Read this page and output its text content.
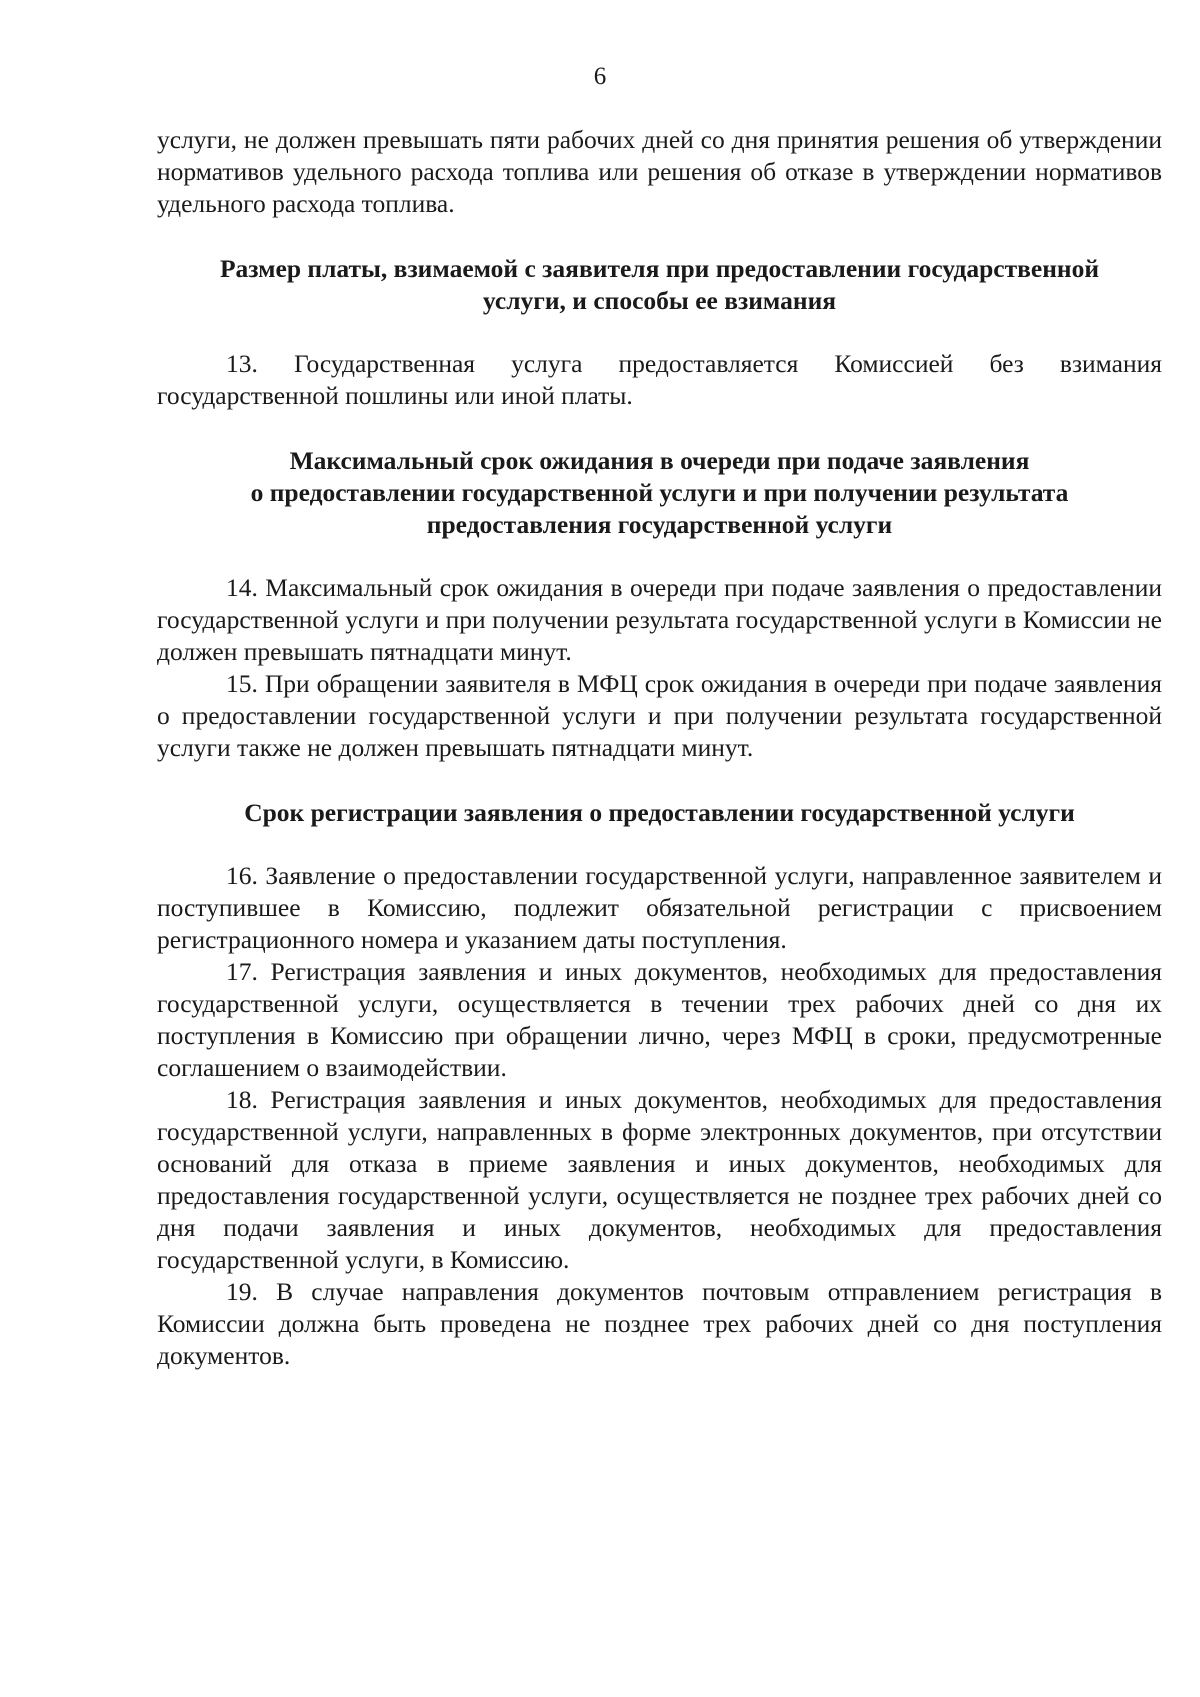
6

услуги, не должен превышать пяти рабочих дней со дня принятия решения об утверждении нормативов удельного расхода топлива или решения об отказе в утверждении нормативов удельного расхода топлива.

Размер платы, взимаемой с заявителя при предоставлении государственной
услуги, и способы ее взимания

13. Государственная услуга предоставляется Комиссией без взимания государственной пошлины или иной платы.

Максимальный срок ожидания в очереди при подаче заявления
о предоставлении государственной услуги и при получении результата
предоставления государственной услуги

14. Максимальный срок ожидания в очереди при подаче заявления о предоставлении государственной услуги и при получении результата государственной услуги в Комиссии не должен превышать пятнадцати минут.

15. При обращении заявителя в МФЦ срок ожидания в очереди при подаче заявления о предоставлении государственной услуги и при получении результата государственной услуги также не должен превышать пятнадцати минут.

Срок регистрации заявления о предоставлении государственной услуги

16. Заявление о предоставлении государственной услуги, направленное заявителем и поступившее в Комиссию, подлежит обязательной регистрации с присвоением регистрационного номера и указанием даты поступления.

17. Регистрация заявления и иных документов, необходимых для предоставления государственной услуги, осуществляется в течении трех рабочих дней со дня их поступления в Комиссию при обращении лично, через МФЦ в сроки, предусмотренные соглашением о взаимодействии.

18. Регистрация заявления и иных документов, необходимых для предоставления государственной услуги, направленных в форме электронных документов, при отсутствии оснований для отказа в приеме заявления и иных документов, необходимых для предоставления государственной услуги, осуществляется не позднее трех рабочих дней со дня подачи заявления и иных документов, необходимых для предоставления государственной услуги, в Комиссию.

19. В случае направления документов почтовым отправлением регистрация в Комиссии должна быть проведена не позднее трех рабочих дней со дня поступления документов.
